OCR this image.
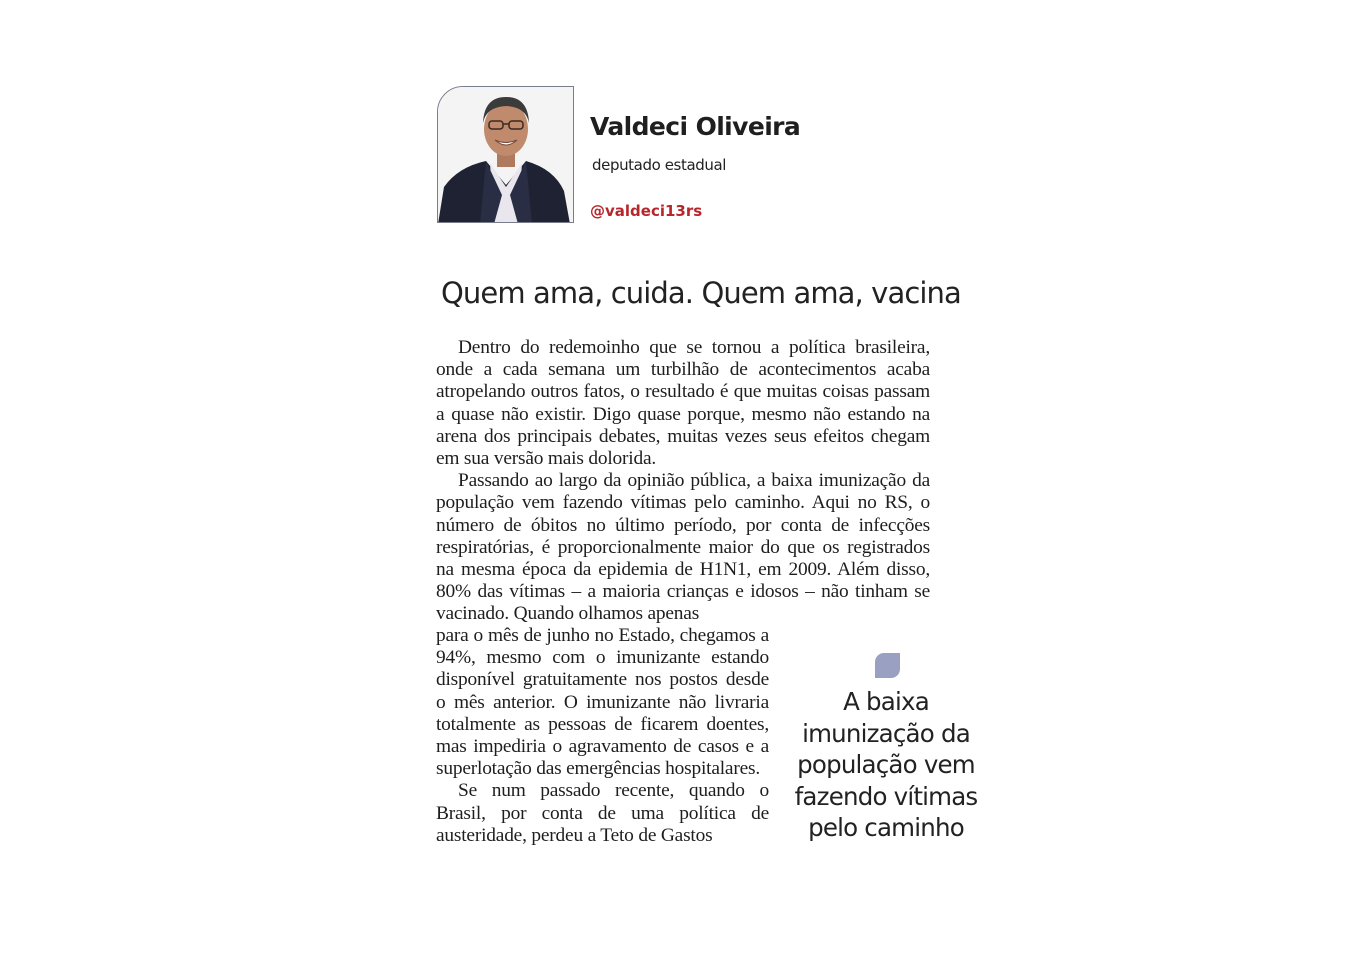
Valdeci Oliveira
deputado estadual
@valdeci13rs
Quem ama, cuida. Quem ama, vacina

Dentro do redemoinho que se tornou a política brasileira, onde a cada semana um turbilhão de acontecimentos acaba atropelando outros fatos, o resultado é que muitas coisas passam a quase não existir. Digo quase porque, mesmo não estando na arena dos principais debates, muitas vezes seus efeitos chegam em sua versão mais dolorida.

Passando ao largo da opinião pública, a baixa imunização da população vem fazendo vítimas pelo caminho. Aqui no RS, o número de óbitos no último período, por conta de infecções respiratórias, é proporcionalmente maior do que os registrados na mesma época da epidemia de H1N1, em 2009. Além disso, 80% das vítimas – a maioria crianças e idosos – não tinham se vacinado. Quando olhamos apenas

para o mês de junho no Estado, chegamos a 94%, mesmo com o imunizante estando disponível gratuitamente nos postos desde o mês anterior. O imunizante não livraria totalmente as pessoas de ficarem doentes, mas impediria o agravamento de casos e a superlotação das emergências hospitalares.

Se num passado recente, quando o Brasil, por conta de uma política de austeridade, perdeu a Teto de Gastos

A baixa imunização da população vem fazendo vítimas pelo caminho
